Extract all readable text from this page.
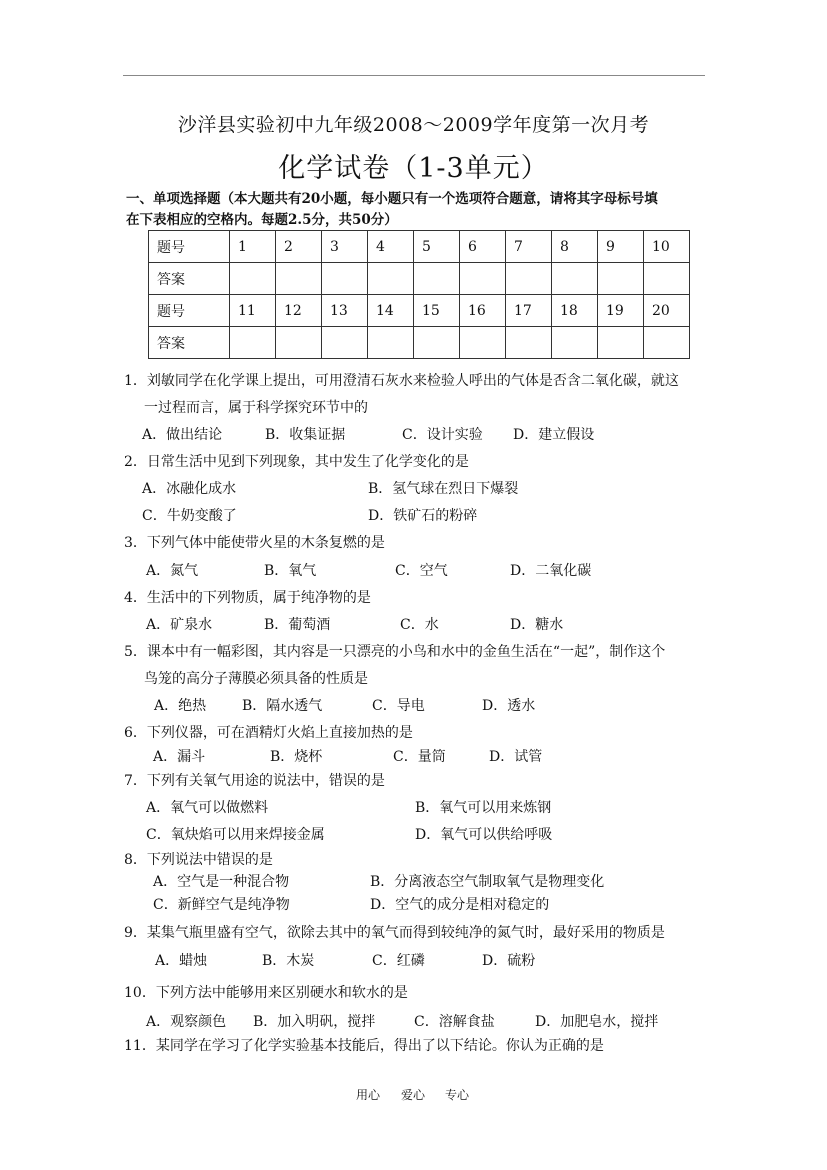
沙洋县实验初中九年级2008～2009学年度第一次月考
化学试卷（1-3单元）
一、单项选择题（本大题共有20小题，每小题只有一个选项符合题意，请将其字母标号填
在下表相应的空格内。每题2.5分，共50分）
题号	1	2	3	4	5	6	7	8	9	10
答案										
题号	11	12	13	14	15	16	17	18	19	20
答案										
1．刘敏同学在化学课上提出，可用澄清石灰水来检验人呼出的气体是否含二氧化碳，就这
一过程而言，属于科学探究环节中的
A．做出结论	B．收集证据	C．设计实验 D．建立假设
2．日常生活中见到下列现象，其中发生了化学变化的是
A．冰融化成水	B．氢气球在烈日下爆裂
C．牛奶变酸了	D．铁矿石的粉碎
3．下列气体中能使带火星的木条复燃的是
A．氮气	B．氧气	C．空气	D．二氧化碳
4．生活中的下列物质，属于纯净物的是
A．矿泉水	B．葡萄酒	C．水	D．糖水
5．课本中有一幅彩图，其内容是一只漂亮的小鸟和水中的金鱼生活在“一起”，制作这个
鸟笼的高分子薄膜必须具备的性质是
A．绝热	B．隔水透气	C．导电	D．透水
6．下列仪器，可在酒精灯火焰上直接加热的是
A．漏斗	B．烧杯	C．量筒	D．试管
7．下列有关氧气用途的说法中，错误的是
A．氧气可以做燃料	B．氧气可以用来炼钢
C．氧炔焰可以用来焊接金属	D．氧气可以供给呼吸
8．下列说法中错误的是
A．空气是一种混合物	B．分离液态空气制取氧气是物理变化
C．新鲜空气是纯净物	D．空气的成分是相对稳定的
9．某集气瓶里盛有空气，欲除去其中的氧气而得到较纯净的氮气时，最好采用的物质是
A．蜡烛	B．木炭	C．红磷	D．硫粉
10．下列方法中能够用来区别硬水和软水的是
A．观察颜色 B．加入明矾，搅拌	C．溶解食盐	D．加肥皂水，搅拌
11．某同学在学习了化学实验基本技能后，得出了以下结论。你认为正确的是
用心 爱心 专心
